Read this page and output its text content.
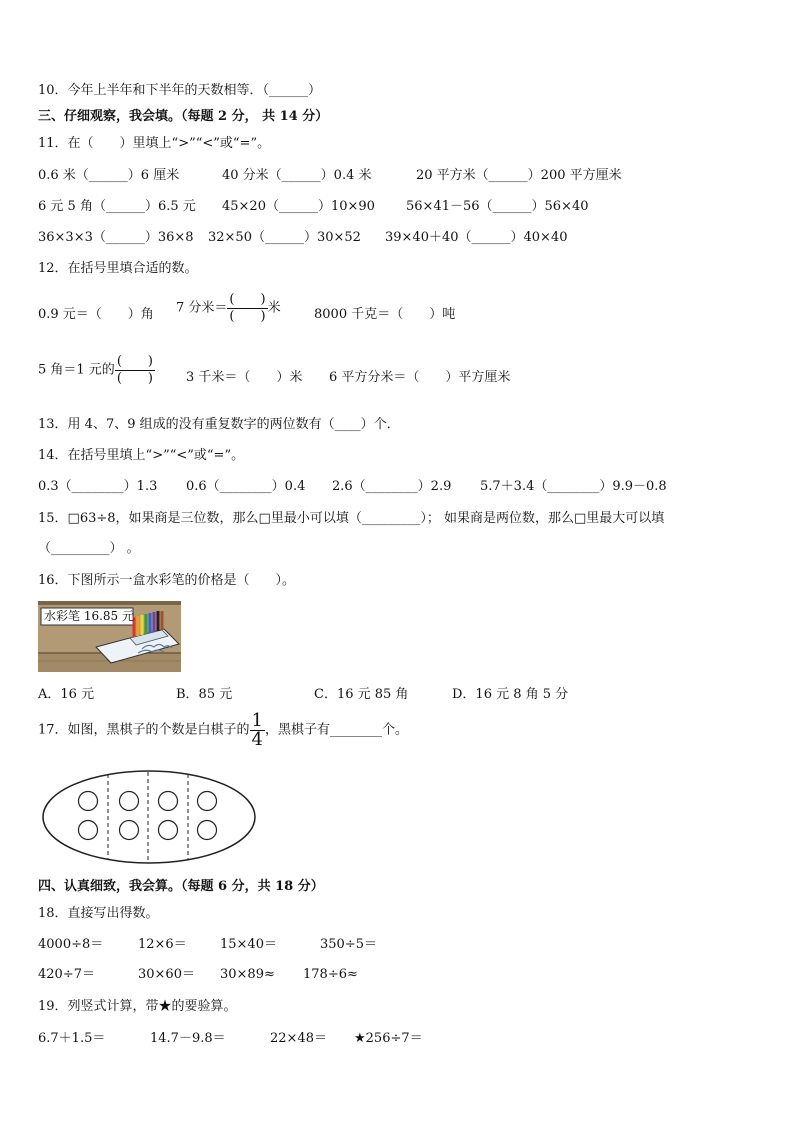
10．今年上半年和下半年的天数相等．（______）
三、仔细观察，我会填。（每题 2 分， 共 14 分）
11．在（　　）里填上“>”“<”或“=”。
0.6 米（______）6 厘米	40 分米（______）0.4 米	20 平方米（______）200 平方厘米
6 元 5 角（______）6.5 元 45×20（______）10×90 56×41－56（______）56×40
36×3×3（______）36×8 32×50（______）30×52 39×40＋40（______）40×40
12．在括号里填合适的数。
0.9 元＝（　　）角 7 分米＝ $\frac{( )}{( )}$ 米	8000 千克＝（　　）吨
5 角＝1 元的 $\frac{( )}{( )} 3$ 千米＝（　　）米 6 平方分米＝（　　）平方厘米
13．用 4、7、9 组成的没有重复数字的两位数有（____）个．
14．在括号里填上“>”“<”或“=”。
0.3（________）1.3 0.6（________）0.4 2.6（________）2.9 5.7＋3.4（________）9.9－0.8
15．□63÷8，如果商是三位数，那么□里最小可以填（_________）； 如果商是两位数，那么□里最大可以填
（_________） 。
16．下图所示一盒水彩笔的价格是（　　）。
水彩笔 16.85 元
A．16 元	B．85 元	C．16 元 85 角	D．16 元 8 角 5 分
17．如图，黑棋子的个数是白棋子的 $\frac{1}{4}$ ，黑棋子有________个。
四、认真细致，我会算。（每题 6 分，共 18 分）
18．直接写出得数。
4000÷8＝	12×6＝	15×40＝	350÷5＝
420÷7＝	30×60＝ 30×89≈ 178÷6≈
19．列竖式计算，带★的要验算。
6.7＋1.5＝	14.7－9.8＝	22×48＝ ★256÷7＝
